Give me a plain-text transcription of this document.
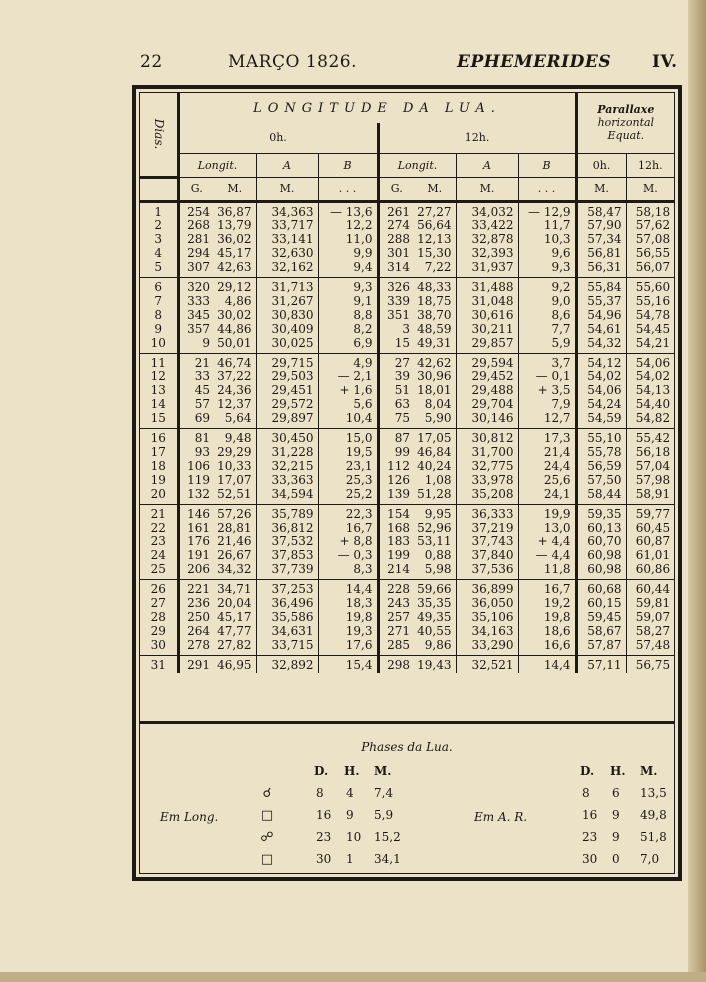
22	MARÇO 1826.	EPHEMERIDES IV.
Dias.	LONGITUDE DA LUA.								Parallaxe
horizontal
Equat.	

	0h.				12h.					
	Longit.		A	B	Longit.		A	B	0h.	12h.
	G.	M.	M.	. . .	G.	M.	M.	. . .	M.	M.
1	254	36,87	34,363	— 13,6	261	27,27	34,032	— 12,9	58,47	58,18
2	268	13,79	33,717	12,2	274	56,64	33,422	11,7	57,90	57,62
3	281	36,02	33,141	11,0	288	12,13	32,878	10,3	57,34	57,08
4	294	45,17	32,630	9,9	301	15,30	32,393	9,6	56,81	56,55
5	307	42,63	32,162	9,4	314	7,22	31,937	9,3	56,31	56,07
6	320	29,12	31,713	9,3	326	48,33	31,488	9,2	55,84	55,60
7	333	4,86	31,267	9,1	339	18,75	31,048	9,0	55,37	55,16
8	345	30,02	30,830	8,8	351	38,70	30,616	8,6	54,96	54,78
9	357	44,86	30,409	8,2	3	48,59	30,211	7,7	54,61	54,45
10	9	50,01	30,025	6,9	15	49,31	29,857	5,9	54,32	54,21
11	21	46,74	29,715	4,9	27	42,62	29,594	3,7	54,12	54,06
12	33	37,22	29,503	— 2,1	39	30,96	29,452	— 0,1	54,02	54,02
13	45	24,36	29,451	+ 1,6	51	18,01	29,488	+ 3,5	54,06	54,13
14	57	12,37	29,572	5,6	63	8,04	29,704	7,9	54,24	54,40
15	69	5,64	29,897	10,4	75	5,90	30,146	12,7	54,59	54,82
16	81	9,48	30,450	15,0	87	17,05	30,812	17,3	55,10	55,42
17	93	29,29	31,228	19,5	99	46,84	31,700	21,4	55,78	56,18
18	106	10,33	32,215	23,1	112	40,24	32,775	24,4	56,59	57,04
19	119	17,07	33,363	25,3	126	1,08	33,978	25,6	57,50	57,98
20	132	52,51	34,594	25,2	139	51,28	35,208	24,1	58,44	58,91
21	146	57,26	35,789	22,3	154	9,95	36,333	19,9	59,35	59,77
22	161	28,81	36,812	16,7	168	52,96	37,219	13,0	60,13	60,45
23	176	21,46	37,532	+ 8,8	183	53,11	37,743	+ 4,4	60,70	60,87
24	191	26,67	37,853	— 0,3	199	0,88	37,840	— 4,4	60,98	61,01
25	206	34,32	37,739	8,3	214	5,98	37,536	11,8	60,98	60,86
26	221	34,71	37,253	14,4	228	59,66	36,899	16,7	60,68	60,44
27	236	20,04	36,496	18,3	243	35,35	36,050	19,2	60,15	59,81
28	250	45,17	35,586	19,8	257	49,35	35,106	19,8	59,45	59,07
29	264	47,77	34,631	19,3	271	40,55	34,163	18,6	58,67	58,27
30	278	27,82	33,715	17,6	285	9,86	33,290	16,6	57,87	57,48
31	291	46,95	32,892	15,4	298	19,43	32,521	14,4	57,11	56,75
Phases da Lua.
D. H. M.	D. H. M.
Em Long.	Em A. R.
☌	8 4 7,4	8 6 13,5
□	16 9 5,9	16 9 49,8
☍	23 10 15,2	23 9 51,8
□	30 1 34,1	30 0 7,0
